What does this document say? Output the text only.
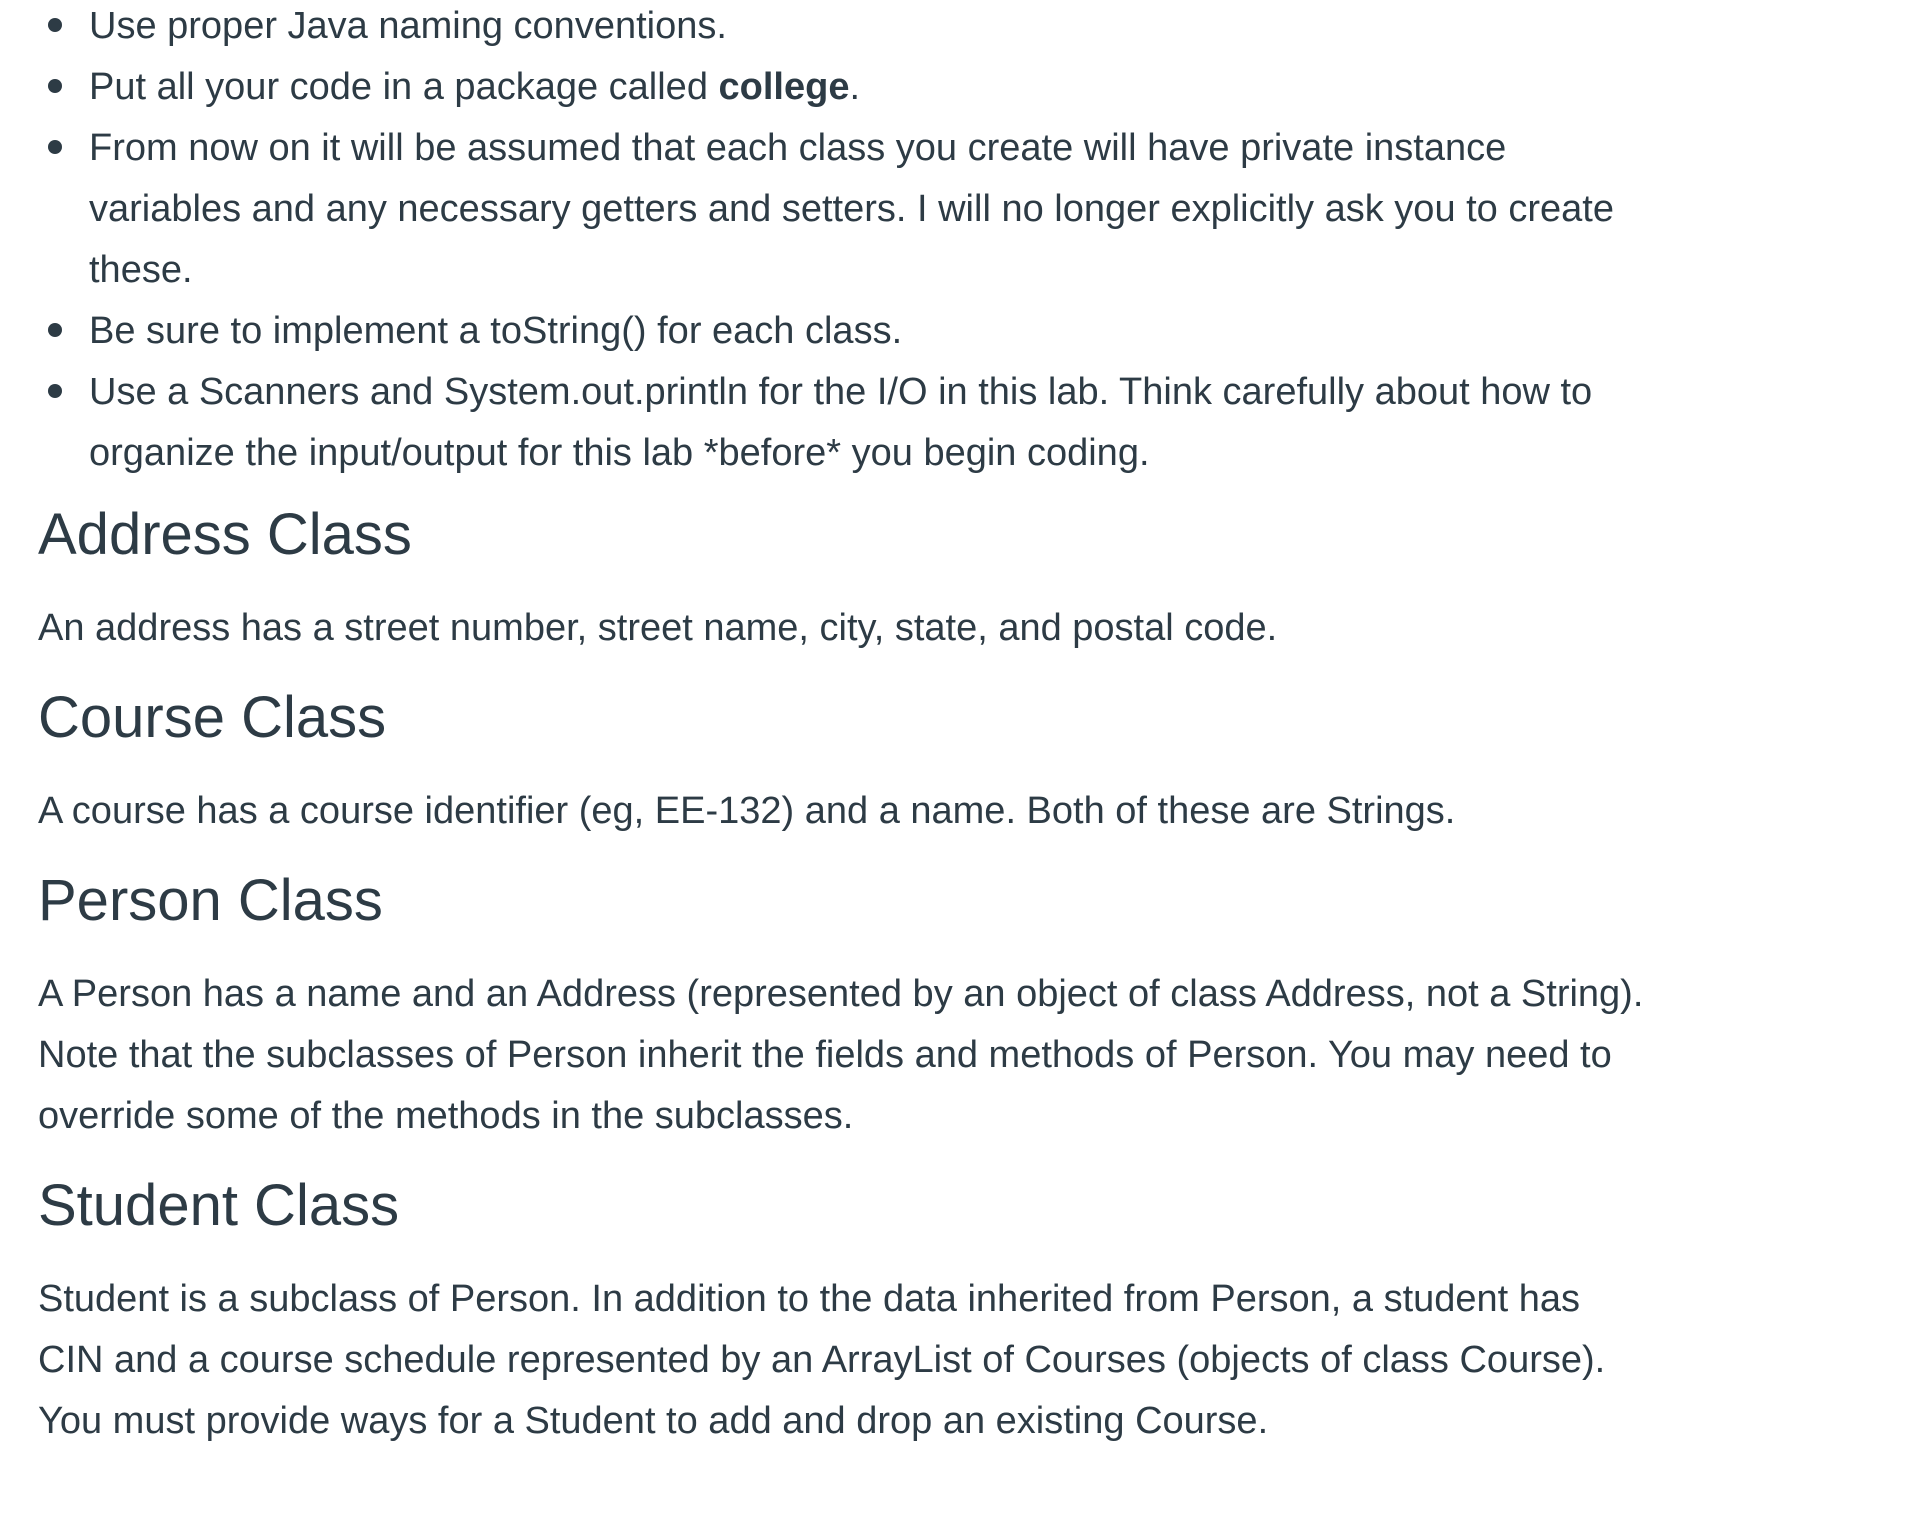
Use proper Java naming conventions.
Put all your code in a package called college.
From now on it will be assumed that each class you create will have private instance
variables and any necessary getters and setters. I will no longer explicitly ask you to create
these.
Be sure to implement a toString() for each class.
Use a Scanners and System.out.println for the I/O in this lab. Think carefully about how to
organize the input/output for this lab *before* you begin coding.
Address Class

An address has a street number, street name, city, state, and postal code.

Course Class

A course has a course identifier (eg, EE-132) and a name. Both of these are Strings.

Person Class

A Person has a name and an Address (represented by an object of class Address, not a String).
Note that the subclasses of Person inherit the fields and methods of Person. You may need to
override some of the methods in the subclasses.

Student Class

Student is a subclass of Person. In addition to the data inherited from Person, a student has
CIN and a course schedule represented by an ArrayList of Courses (objects of class Course).
You must provide ways for a Student to add and drop an existing Course.
